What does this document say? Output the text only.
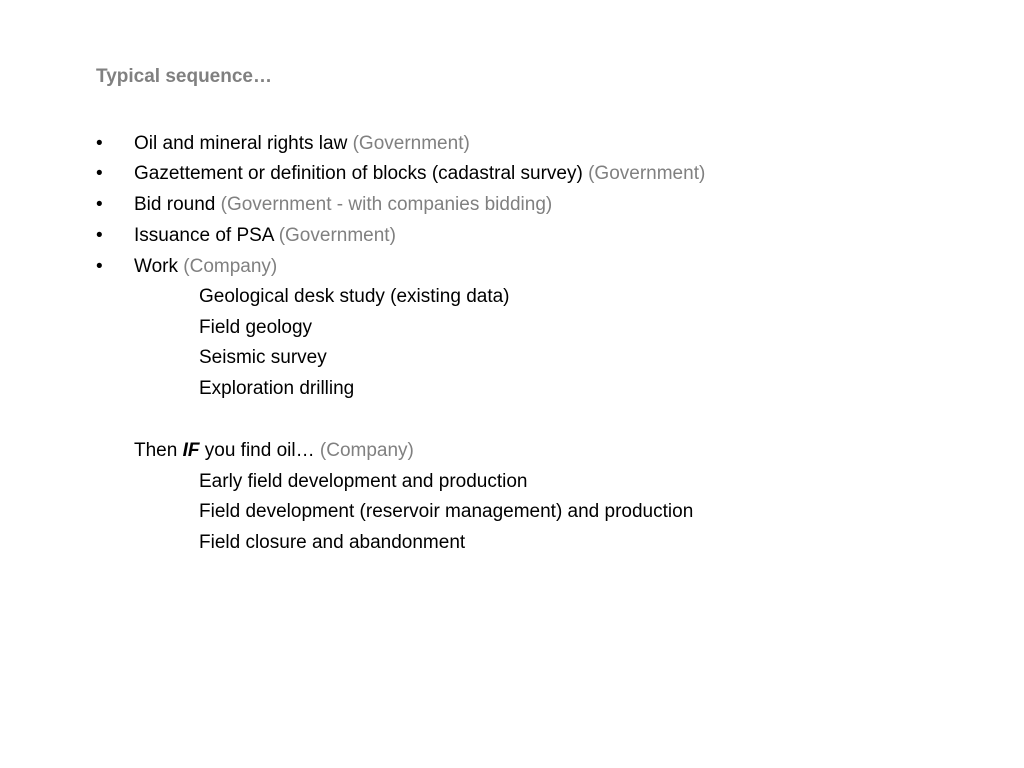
Typical sequence…
• Oil and mineral rights law (Government)
• Gazettement or definition of blocks (cadastral survey) (Government)
• Bid round (Government - with companies bidding)
• Issuance of PSA (Government)
• Work (Company)
Geological desk study (existing data)
Field geology
Seismic survey
Exploration drilling
Then IF you find oil… (Company)
Early field development and production
Field development (reservoir management) and production
Field closure and abandonment
